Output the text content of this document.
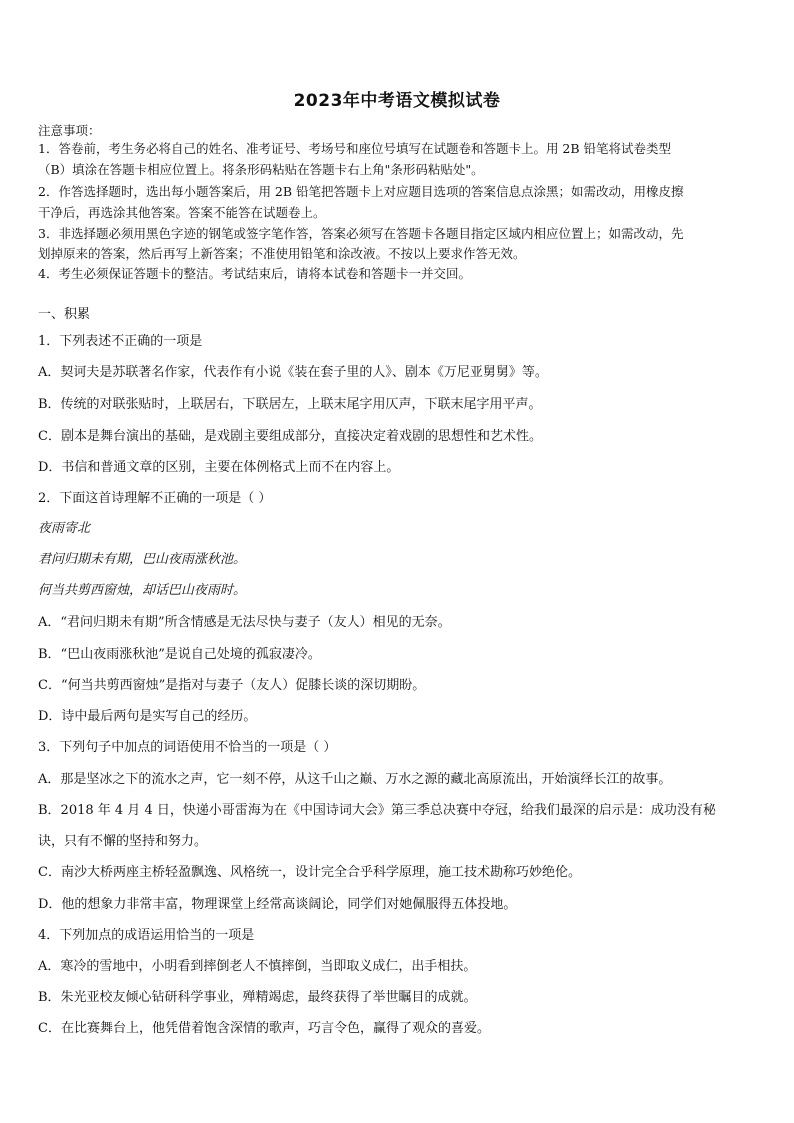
2023年中考语文模拟试卷
注意事项：
1．答卷前，考生务必将自己的姓名、准考证号、考场号和座位号填写在试题卷和答题卡上。用 2B 铅笔将试卷类型
（B）填涂在答题卡相应位置上。将条形码粘贴在答题卡右上角"条形码粘贴处"。
2．作答选择题时，选出每小题答案后，用 2B 铅笔把答题卡上对应题目选项的答案信息点涂黑；如需改动，用橡皮擦
干净后，再选涂其他答案。答案不能答在试题卷上。
3．非选择题必须用黑色字迹的钢笔或签字笔作答，答案必须写在答题卡各题目指定区域内相应位置上；如需改动，先
划掉原来的答案，然后再写上新答案；不准使用铅笔和涂改液。不按以上要求作答无效。
4．考生必须保证答题卡的整洁。考试结束后，请将本试卷和答题卡一并交回。
一、积累
1．下列表述不正确的一项是
A．契诃夫是苏联著名作家，代表作有小说《装在套子里的人》、剧本《万尼亚舅舅》等。
B．传统的对联张贴时，上联居右，下联居左，上联末尾字用仄声，下联末尾字用平声。
C．剧本是舞台演出的基础，是戏剧主要组成部分，直接决定着戏剧的思想性和艺术性。
D．书信和普通文章的区别，主要在体例格式上而不在内容上。
2．下面这首诗理解不正确的一项是（ ）
夜雨寄北
君问归期未有期，巴山夜雨涨秋池。
何当共剪西窗烛，却话巴山夜雨时。
A．“君问归期未有期”所含情感是无法尽快与妻子（友人）相见的无奈。
B．“巴山夜雨涨秋池”是说自己处境的孤寂凄冷。
C．“何当共剪西窗烛”是指对与妻子（友人）促膝长谈的深切期盼。
D．诗中最后两句是实写自己的经历。
3．下列句子中加点的词语使用不恰当的一项是（ ）
A．那是坚冰之下的流水之声，它一刻不停，从这千山之巅、万水之源的藏北高原流出，开始演绎长江的故事。
B．2018 年 4 月 4 日，快递小哥雷海为在《中国诗词大会》第三季总决赛中夺冠，给我们最深的启示是：成功没有秘
诀，只有不懈的坚持和努力。
C．南沙大桥两座主桥轻盈飘逸、风格统一，设计完全合乎科学原理，施工技术勘称巧妙绝伦。
D．他的想象力非常丰富，物理课堂上经常高谈阔论，同学们对她佩服得五体投地。
4．下列加点的成语运用恰当的一项是
A．寒冷的雪地中，小明看到摔倒老人不慎摔倒，当即取义成仁，出手相扶。
B．朱光亚校友倾心钻研科学事业，殚精竭虑，最终获得了举世瞩目的成就。
C．在比赛舞台上，他凭借着饱含深情的歌声，巧言令色，赢得了观众的喜爱。
